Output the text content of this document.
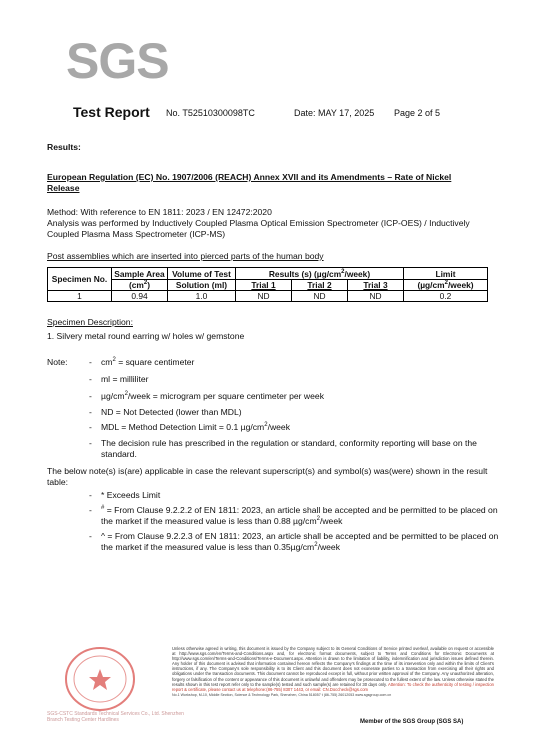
SGS
Test Report No. T52510300098TC	Date: MAY 17, 2025 Page 2 of 5
Results:
European Regulation (EC) No. 1907/2006 (REACH) Annex XVII and its Amendments – Rate of Nickel Release
Method: With reference to EN 1811: 2023 / EN 12472:2020
Analysis was performed by Inductively Coupled Plasma Optical Emission Spectrometer (ICP-OES) / Inductively Coupled Plasma Mass Spectrometer (ICP-MS)
Post assemblies which are inserted into pierced parts of the human body
Specimen No.	Sample Area	Volume of Test	Results (s) $(\mu g/cm^2/week)$			Limit
	$(cm^2)$	Solution (ml)	Trial 1	Trial 2	Trial 3	$(\mu g/cm^2/week)$
1	0.94	1.0	ND	ND	ND	0.2
Specimen Description:
1. Silvery metal round earring w/ holes w/ gemstone
Note: - $cm^2$ = square centimeter
- ml = milliliter
- $\mu g/cm^2$/week = microgram per square centimeter per week
- ND = Not Detected (lower than MDL)
- MDL = Method Detection Limit = 0.1 $\mu g/cm^2$/week
- The decision rule has prescribed in the regulation or standard, conformity reporting will base on the standard.
The below note(s) is(are) applicable in case the relevant superscript(s) and symbol(s) was(were) shown in the result table:
- * Exceeds Limit
- # = From Clause 9.2.2.2 of EN 1811: 2023, an article shall be accepted and be permitted to be placed on the market if the measured value is less than 0.88 $\mu g/cm^2$/week
- ^ = From Clause 9.2.2.3 of EN 1811: 2023, an article shall be accepted and be permitted to be placed on the market if the measured value is less than $0.35\mu g/cm^2$/week
SGS-CSTC Standards Technical Services Co., Ltd. Shenzhen Branch Testing Center Hardlines
Unless otherwise agreed in writing, this document is issued by the Company subject to its General Conditions of Service printed overleaf, available on request or accessible at http://www.sgs.com/en/Terms-and-Conditions.aspx and, for electronic format documents, subject to Terms and Conditions for Electronic Documents at http://www.sgs.com/en/Terms-and-Conditions/Terms-e-Document.aspx. Attention is drawn to the limitation of liability, indemnification and jurisdiction issues defined therein. Any holder of this document is advised that information contained hereon reflects the Company's findings at the time of its intervention only and within the limits of Client's instructions, if any. The Company's sole responsibility is to its Client and this document does not exonerate parties to a transaction from exercising all their rights and obligations under the transaction documents. This document cannot be reproduced except in full, without prior written approval of the Company. Any unauthorized alteration, forgery or falsification of the content or appearance of this document is unlawful and offenders may be prosecuted to the fullest extent of the law. Unless otherwise stated the results shown in this test report refer only to the sample(s) tested and such sample(s) are retained for 30 days only. Attention: To check the authenticity of testing / inspection report & certificate, please contact us at telephone:(86-755) 8307 1443, or email: CN.Doccheck@sgs.com
No.1 Workshop, M-10, Middle Section, Science & Technology Park, Shenzhen, China 518057 t (86-755) 26012053 www.sgsgroup.com.cn
Member of the SGS Group (SGS SA)
